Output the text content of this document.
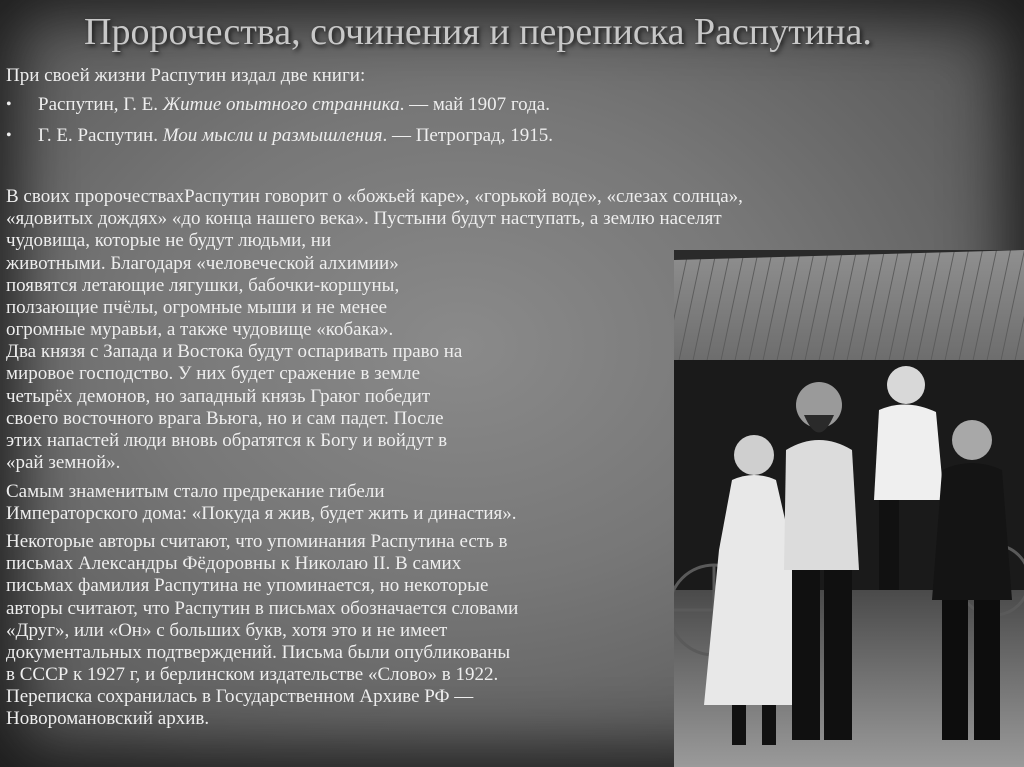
Пророчества, сочинения и переписка Распутина.
При своей жизни Распутин издал две книги:
• Распутин, Г. Е. Житие опытного странника. — май 1907 года.
• Г. Е. Распутин. Мои мысли и размышления. — Петроград, 1915.
В своих пророчествахРаспутин говорит о «божьей каре», «горькой воде», «слезах солнца»,
«ядовитых дождях» «до конца нашего века». Пустыни будут наступать, а землю населят
чудовища, которые не будут людьми, ни
животными. Благодаря «человеческой алхимии»
появятся летающие лягушки, бабочки-коршуны,
ползающие пчёлы, огромные мыши и не менее
огромные муравьи, а также чудовище «кобака».
Два князя с Запада и Востока будут оспаривать право на
мировое господство. У них будет сражение в земле
четырёх демонов, но западный князь Граюг победит
своего восточного врага Вьюга, но и сам падет. После
этих напастей люди вновь обратятся к Богу и войдут в
«рай земной».
Самым знаменитым стало предрекание гибели
Императорского дома: «Покуда я жив, будет жить и династия».
Некоторые авторы считают, что упоминания Распутина есть в
письмах Александры Фёдоровны к Николаю II. В самих
письмах фамилия Распутина не упоминается, но некоторые
авторы считают, что Распутин в письмах обозначается словами
«Друг», или «Он» с больших букв, хотя это и не имеет
документальных подтверждений. Письма были опубликованы
в СССР к 1927 г, и берлинском издательстве «Слово» в 1922.
Переписка сохранилась в Государственном Архиве РФ —
Новоромановский архив.
